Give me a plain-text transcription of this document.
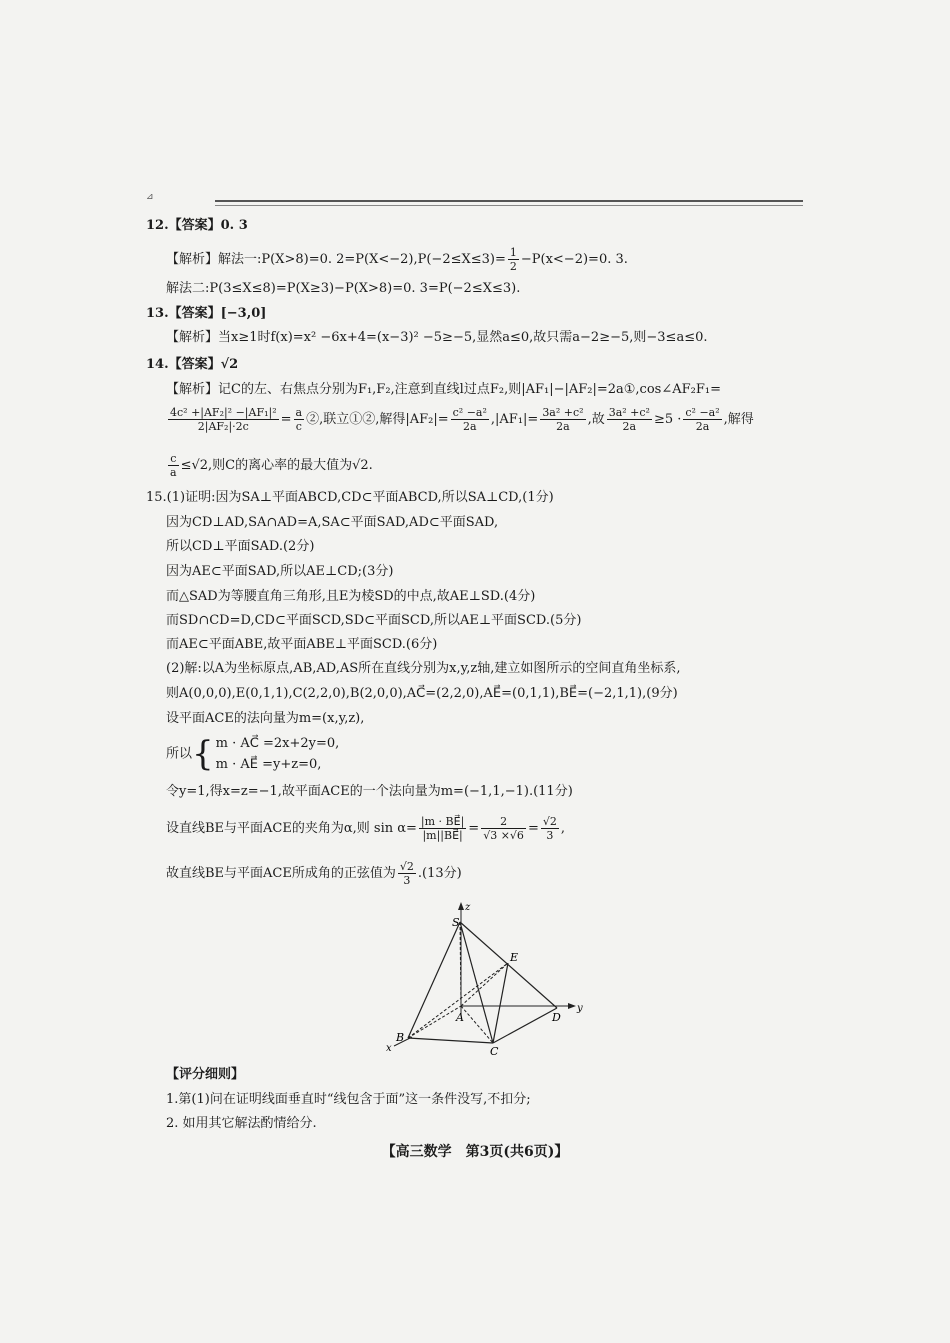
⊿
12.【答案】0. 3
【解析】解法一:P(X>8)=0. $2=P(X<-2),P(-2\le X\le 3)= \frac{1}{2} -P(x<-2)=0$. 3.
解法二:P(3≤X≤8)=P(X≥3)−P(X>8)=0. 3=P(−2≤X≤3).
13.【答案】[−3,0]
【解析】当x≥1时f(x)=x² −6x+4=(x−3)² −5≥−5,显然a≤0,故只需a−2≥−5,则−3≤a≤0.
14.【答案】√2
【解析】记C的左、右焦点分别为F₁,F₂,注意到直线l过点F₂,则|AF₁|−|AF₂|=2a①,cos∠AF₂F₁=
$\frac{\text{4c² +|AF₂|² −|AF₁|²}}{\text{2|AF₂|·2c}} = \frac{a}{c}$ ②,联立①②,解得$|AF_2|= \frac{\text{c² −a²}}{2a} ,|AF_1|= \frac{\text{3a² +c²}}{2a}$ ,故 $\frac{\text{3a² +c²}}{2a} \ge 5 \cdot \frac{\text{c² −a²}}{2a}$ ,解得
$\frac{c}{a} \le√2$,则C的离心率的最大值为√2.
15.(1)证明:因为SA⊥平面ABCD,CD⊂平面ABCD,所以SA⊥CD,(1分)
因为CD⊥AD,SA∩AD=A,SA⊂平面SAD,AD⊂平面SAD,
所以CD⊥平面SAD.(2分)
因为AE⊂平面SAD,所以AE⊥CD;(3分)
而△SAD为等腰直角三角形,且E为棱SD的中点,故AE⊥SD.(4分)
而SD∩CD=D,CD⊂平面SCD,SD⊂平面SCD,所以AE⊥平面SCD.(5分)
而AE⊂平面ABE,故平面ABE⊥平面SCD.(6分)
(2)解:以A为坐标原点,AB,AD,AS所在直线分别为x,y,z轴,建立如图所示的空间直角坐标系,
则A(0,0,0),E(0,1,1),C(2,2,0),B(2,0,0),AC⃗=(2,2,0),AE⃗=(0,1,1),BE⃗=(−2,1,1),(9分)
设平面ACE的法向量为m=(x,y,z),
所以{ m · AC⃗ =2x+2y=0,
m · AE⃗ =y+z=0,
令y=1,得x=z=−1,故平面ACE的一个法向量为m=(−1,1,−1).(11分)
设直线BE与平面ACE的夹角为α,则 $\sin \alpha= \frac{|m \cdot BE⃗|}{|m||BE⃗|} = \frac{2}{√3 \times√6} = \frac{√2}{3}$ ,
故直线BE与平面ACE所成角的正弦值为 $\frac{√2}{3} .(13$分)
S
E
A	D
B
C
z
y
x
【评分细则】
1.第(1)问在证明线面垂直时“线包含于面”这一条件没写,不扣分;
2. 如用其它解法酌情给分.
【高三数学　第3页(共6页)】
